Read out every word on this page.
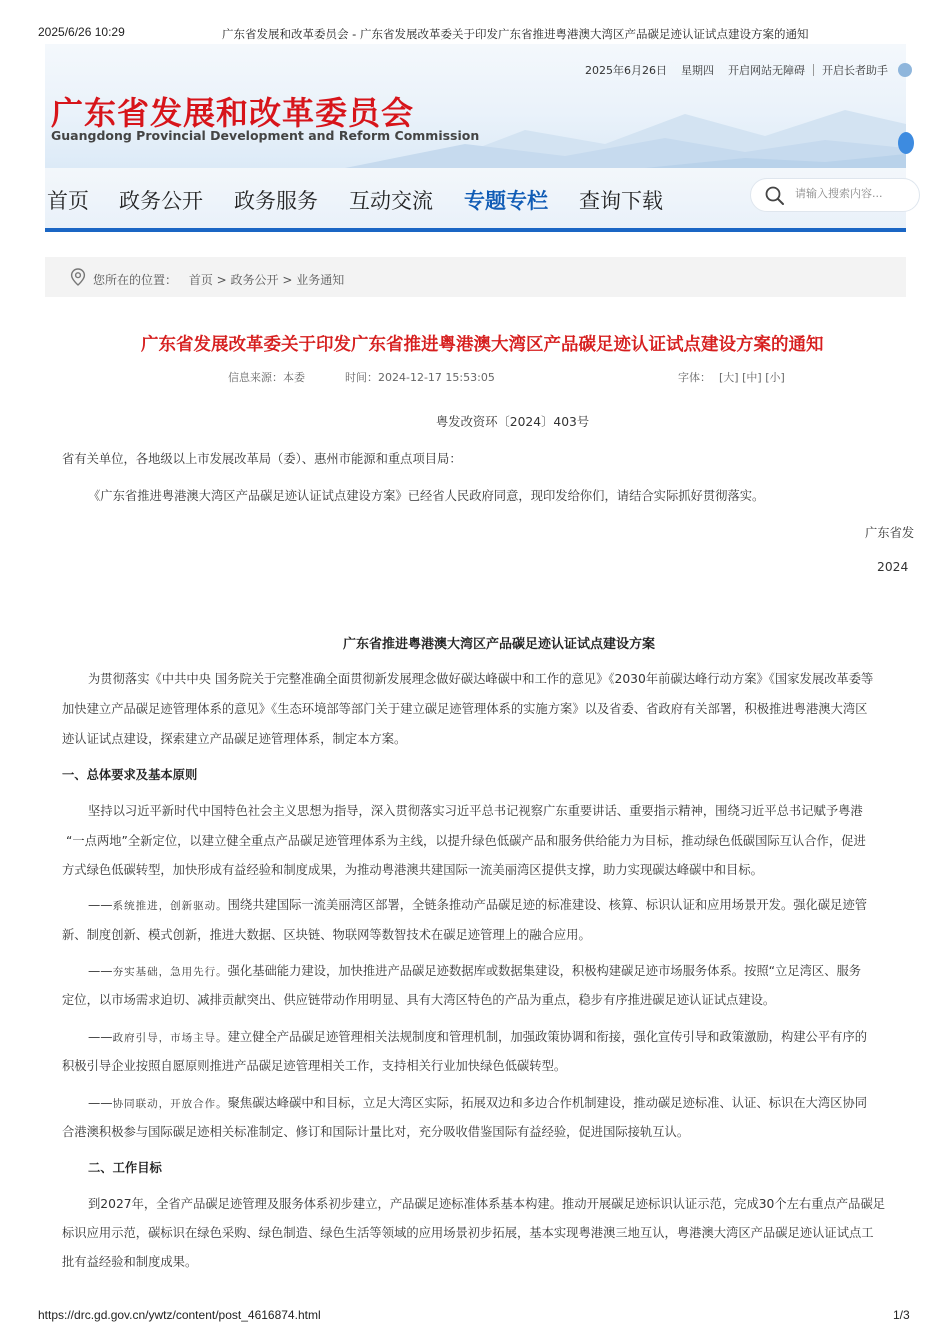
2025/6/26 10:29	广东省发展和改革委员会 - 广东省发展改革委关于印发广东省推进粤港澳大湾区产品碳足迹认证试点建设方案的通知
2025年6月26日 星期四 开启网站无障碍 开启长者助手
广东省发展和改革委员会
Guangdong Provincial Development and Reform Commission
首页 政务公开 政务服务 互动交流 专题专栏 查询下载
请输入搜索内容...
您所在的位置： 首页 > 政务公开 > 业务通知
广东省发展改革委关于印发广东省推进粤港澳大湾区产品碳足迹认证试点建设方案的通知
信息来源：本委	时间：2024-12-17 15:53:05	字体： [大] [中] [小]
粤发改资环〔2024〕403号
省有关单位，各地级以上市发展改革局（委）、惠州市能源和重点项目局：
《广东省推进粤港澳大湾区产品碳足迹认证试点建设方案》已经省人民政府同意，现印发给你们，请结合实际抓好贯彻落实。
广东省发
2024
广东省推进粤港澳大湾区产品碳足迹认证试点建设方案
为贯彻落实《中共中央 国务院关于完整准确全面贯彻新发展理念做好碳达峰碳中和工作的意见》《2030年前碳达峰行动方案》《国家发展改革委等
加快建立产品碳足迹管理体系的意见》《生态环境部等部门关于建立碳足迹管理体系的实施方案》以及省委、省政府有关部署，积极推进粤港澳大湾区
迹认证试点建设，探索建立产品碳足迹管理体系，制定本方案。
一、总体要求及基本原则
坚持以习近平新时代中国特色社会主义思想为指导，深入贯彻落实习近平总书记视察广东重要讲话、重要指示精神，围绕习近平总书记赋予粤港
“一点两地”全新定位，以建立健全重点产品碳足迹管理体系为主线，以提升绿色低碳产品和服务供给能力为目标，推动绿色低碳国际互认合作，促进
方式绿色低碳转型，加快形成有益经验和制度成果，为推动粤港澳共建国际一流美丽湾区提供支撑，助力实现碳达峰碳中和目标。
——系统推进，创新驱动。围绕共建国际一流美丽湾区部署，全链条推动产品碳足迹的标准建设、核算、标识认证和应用场景开发。强化碳足迹管
新、制度创新、模式创新，推进大数据、区块链、物联网等数智技术在碳足迹管理上的融合应用。
——夯实基础，急用先行。强化基础能力建设，加快推进产品碳足迹数据库或数据集建设，积极构建碳足迹市场服务体系。按照“立足湾区、服务
定位，以市场需求迫切、减排贡献突出、供应链带动作用明显、具有大湾区特色的产品为重点，稳步有序推进碳足迹认证试点建设。
——政府引导，市场主导。建立健全产品碳足迹管理相关法规制度和管理机制，加强政策协调和衔接，强化宣传引导和政策激励，构建公平有序的
积极引导企业按照自愿原则推进产品碳足迹管理相关工作，支持相关行业加快绿色低碳转型。
——协同联动，开放合作。聚焦碳达峰碳中和目标，立足大湾区实际，拓展双边和多边合作机制建设，推动碳足迹标准、认证、标识在大湾区协同
合港澳积极参与国际碳足迹相关标准制定、修订和国际计量比对，充分吸收借鉴国际有益经验，促进国际接轨互认。
二、工作目标
到2027年，全省产品碳足迹管理及服务体系初步建立，产品碳足迹标准体系基本构建。推动开展碳足迹标识认证示范，完成30个左右重点产品碳足
标识应用示范，碳标识在绿色采购、绿色制造、绿色生活等领域的应用场景初步拓展，基本实现粤港澳三地互认，粤港澳大湾区产品碳足迹认证试点工
批有益经验和制度成果。
https://drc.gd.gov.cn/ywtz/content/post_4616874.html	1/3
